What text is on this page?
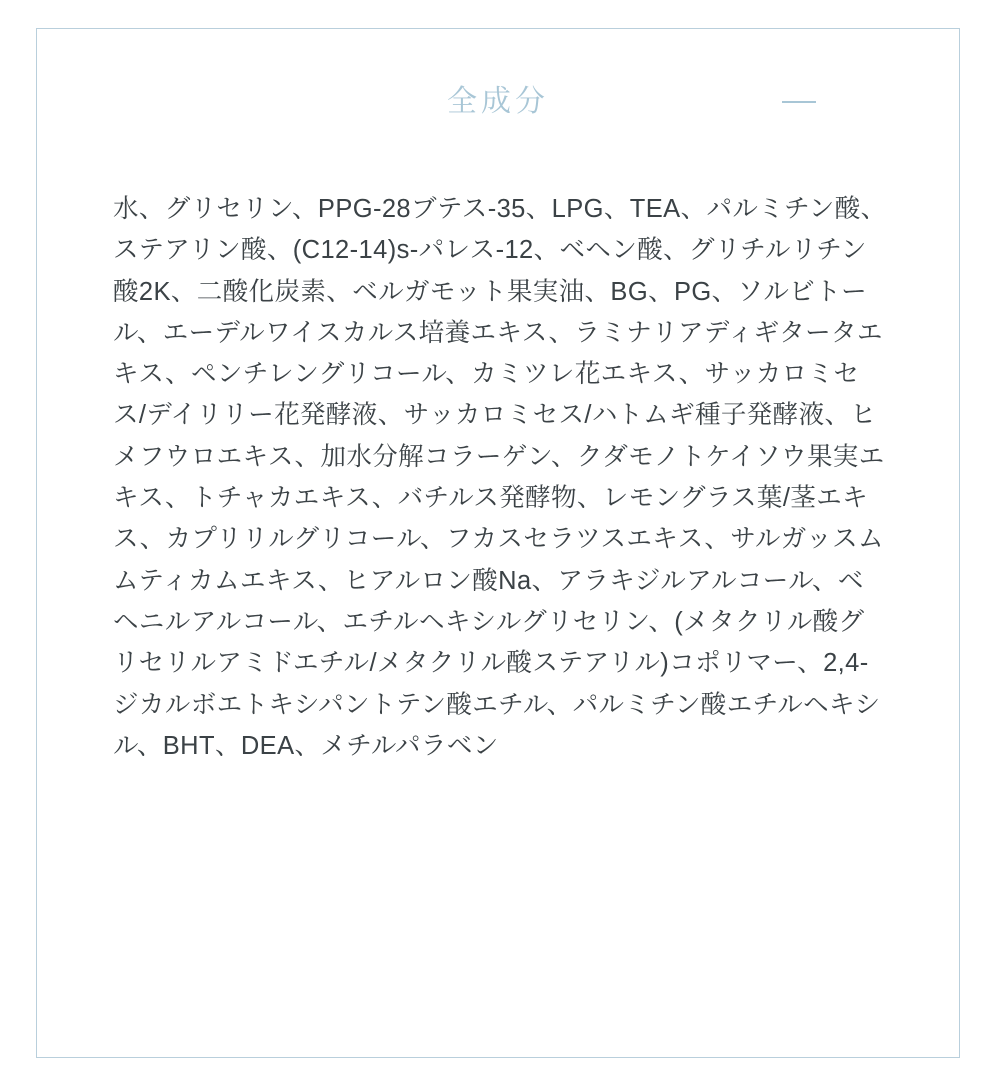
全成分

水、グリセリン、PPG-28ブテス-35、LPG、TEA、パルミチン酸、ステアリン酸、(C12-14)s-パレス-12、ベヘン酸、グリチルリチン酸2K、二酸化炭素、ベルガモット果実油、BG、PG、ソルビトール、エーデルワイスカルス培養エキス、ラミナリアディギタータエキス、ペンチレングリコール、カミツレ花エキス、サッカロミセス/デイリリー花発酵液、サッカロミセス/ハトムギ種子発酵液、ヒメフウロエキス、加水分解コラーゲン、クダモノトケイソウ果実エキス、トチャカエキス、バチルス発酵物、レモングラス葉/茎エキス、カプリリルグリコール、フカスセラツスエキス、サルガッスムムティカムエキス、ヒアルロン酸Na、アラキジルアルコール、ベヘニルアルコール、エチルヘキシルグリセリン、(メタクリル酸グリセリルアミドエチル/メタクリル酸ステアリル)コポリマー、2,4-ジカルボエトキシパントテン酸エチル、パルミチン酸エチルヘキシル、BHT、DEA、メチルパラベン
